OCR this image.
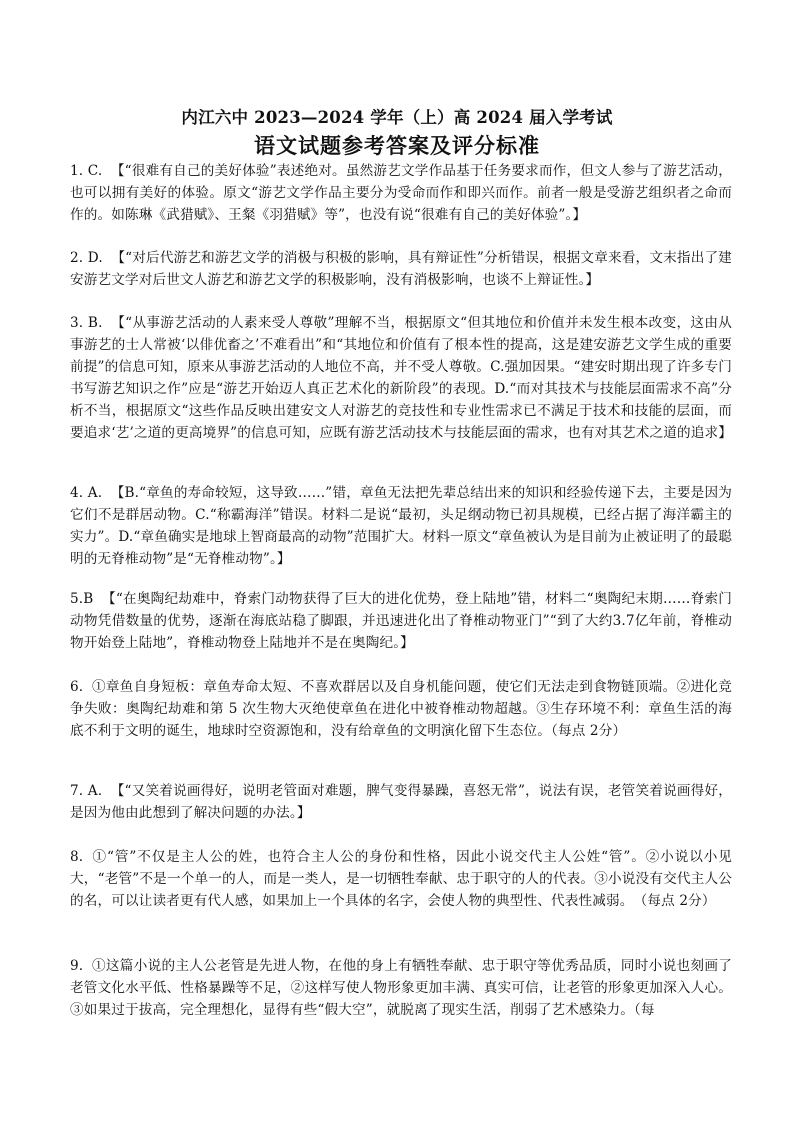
内江六中 2023—2024 学年（上）高 2024 届入学考试
语文试题参考答案及评分标准
1. C. 【“很难有自己的美好体验”表述绝对。虽然游艺文学作品基于任务要求而作，但文人参与了游艺活动，也可以拥有美好的体验。原文“游艺文学作品主要分为受命而作和即兴而作。前者一般是受游艺组织者之命而作的。如陈琳《武猎赋》、王粲《羽猎赋》等”，也没有说“很难有自己的美好体验”。】
2. D. 【“对后代游艺和游艺文学的消极与积极的影响，具有辩证性”分析错误，根据文章来看，文末指出了建安游艺文学对后世文人游艺和游艺文学的积极影响，没有消极影响，也谈不上辩证性。】
3. B. 【“从事游艺活动的人素来受人尊敬”理解不当，根据原文“但其地位和价值并未发生根本改变，这由从事游艺的士人常被‘以俳优畜之’不难看出”和“其地位和价值有了根本性的提高，这是建安游艺文学生成的重要前提”的信息可知，原来从事游艺活动的人地位不高，并不受人尊敬。C.强加因果。“建安时期出现了许多专门书写游艺知识之作”应是“游艺开始迈人真正艺术化的新阶段”的表现。D.“而对其技术与技能层面需求不高”分析不当，根据原文“这些作品反映出建安文人对游艺的竞技性和专业性需求已不满足于技术和技能的层面，而要追求‘艺’之道的更高境界”的信息可知，应既有游艺活动技术与技能层面的需求，也有对其艺术之道的追求】
4. A. 【B.“章鱼的寿命较短，这导致……”错，章鱼无法把先辈总结出来的知识和经验传递下去，主要是因为它们不是群居动物。C.“称霸海洋”错误。材料二是说“最初，头足纲动物已初具规模，已经占据了海洋霸主的实力”。D.“章鱼确实是地球上智商最高的动物”范围扩大。材料一原文“章鱼被认为是目前为止被证明了的最聪明的无脊椎动物”是“无脊椎动物”。】
5.B 【“在奥陶纪劫难中，脊索门动物获得了巨大的进化优势，登上陆地”错，材料二“奥陶纪末期……脊索门动物凭借数量的优势，逐渐在海底站稳了脚跟，并迅速进化出了脊椎动物亚门”“到了大约3.7亿年前，脊椎动物开始登上陆地”，脊椎动物登上陆地并不是在奥陶纪。】
6. ①章鱼自身短板：章鱼寿命太短、不喜欢群居以及自身机能问题，使它们无法走到食物链顶端。②进化竞争失败：奥陶纪劫难和第 5 次生物大灭绝使章鱼在进化中被脊椎动物超越。③生存环境不利：章鱼生活的海底不利于文明的诞生，地球时空资源饱和，没有给章鱼的文明演化留下生态位。（每点 2分）
7. A. 【“又笑着说画得好，说明老管面对难题，脾气变得暴躁，喜怒无常”，说法有误，老管笑着说画得好，是因为他由此想到了解决问题的办法。】
8. ①“管”不仅是主人公的姓，也符合主人公的身份和性格，因此小说交代主人公姓“管”。②小说以小见大，“老管”不是一个单一的人，而是一类人，是一切牺牲奉献、忠于职守的人的代表。③小说没有交代主人公的名，可以让读者更有代人感，如果加上一个具体的名字，会使人物的典型性、代表性减弱。　（每点 2分）
9. ①这篇小说的主人公老管是先进人物，在他的身上有牺牲奉献、忠于职守等优秀品质，同时小说也刻画了老管文化水平低、性格暴躁等不足，②这样写使人物形象更加丰满、真实可信，让老管的形象更加深入人心。③如果过于拔高，完全理想化，显得有些“假大空”，就脱离了现实生活，削弱了艺术感染力。（每
